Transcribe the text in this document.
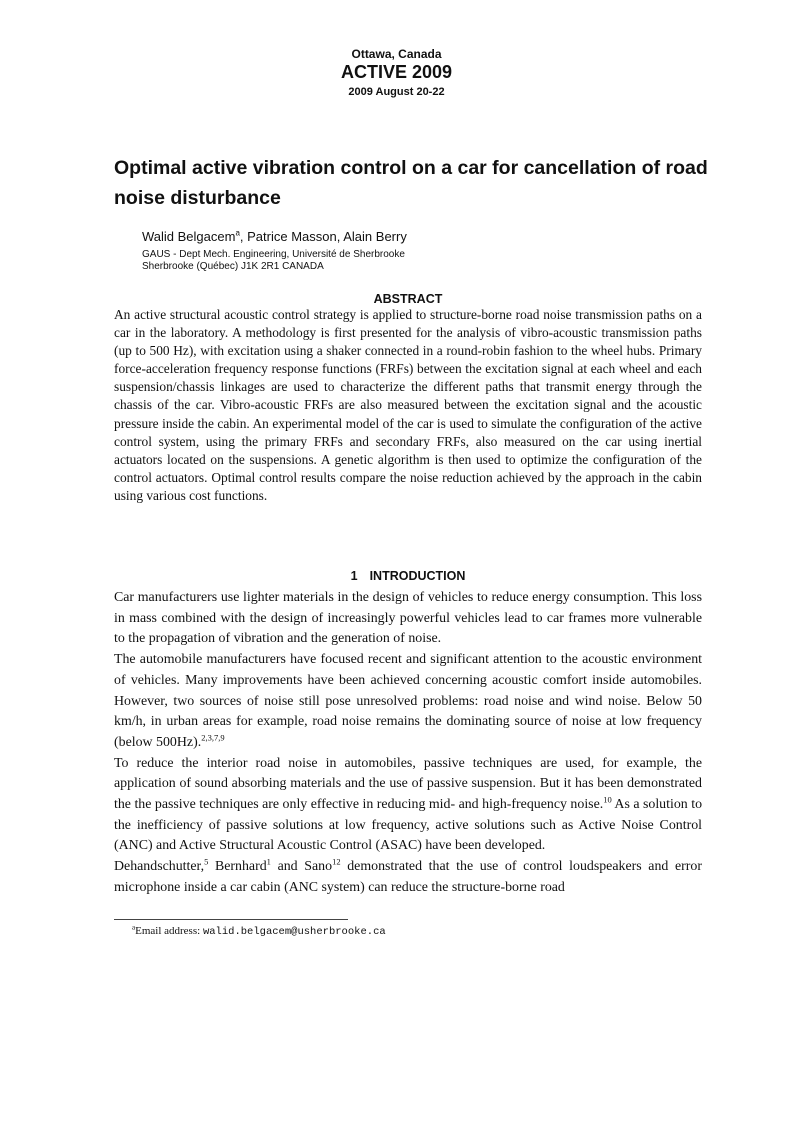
Ottawa, Canada
ACTIVE 2009
2009 August 20-22
Optimal active vibration control on a car for cancellation of road noise disturbance
Walid Belgacem$^a$, Patrice Masson, Alain Berry
GAUS - Dept Mech. Engineering, Université de Sherbrooke
Sherbrooke (Québec) J1K 2R1 CANADA
ABSTRACT
An active structural acoustic control strategy is applied to structure-borne road noise transmission paths on a car in the laboratory. A methodology is first presented for the analysis of vibro-acoustic transmission paths (up to 500 Hz), with excitation using a shaker connected in a round-robin fashion to the wheel hubs. Primary force-acceleration frequency response functions (FRFs) between the excitation signal at each wheel and each suspension/chassis linkages are used to characterize the different paths that transmit energy through the chassis of the car. Vibro-acoustic FRFs are also measured between the excitation signal and the acoustic pressure inside the cabin. An experimental model of the car is used to simulate the configuration of the active control system, using the primary FRFs and secondary FRFs, also measured on the car using inertial actuators located on the suspensions. A genetic algorithm is then used to optimize the configuration of the control actuators. Optimal control results compare the noise reduction achieved by the approach in the cabin using various cost functions.
1 INTRODUCTION

Car manufacturers use lighter materials in the design of vehicles to reduce energy consumption. This loss in mass combined with the design of increasingly powerful vehicles lead to car frames more vulnerable to the propagation of vibration and the generation of noise.

The automobile manufacturers have focused recent and significant attention to the acoustic environment of vehicles. Many improvements have been achieved concerning acoustic comfort inside automobiles. However, two sources of noise still pose unresolved problems: road noise and wind noise. Below 50 km/h, in urban areas for example, road noise remains the dominating source of noise at low frequency (below 500Hz).$^{2,3,7,9}$

To reduce the interior road noise in automobiles, passive techniques are used, for example, the application of sound absorbing materials and the use of passive suspension. But it has been demonstrated the the passive techniques are only effective in reducing mid- and high-frequency noise.$^{10}$ As a solution to the inefficiency of passive solutions at low frequency, active solutions such as Active Noise Control (ANC) and Active Structural Acoustic Control (ASAC) have been developed.

Dehandschutter,$^5$ Bernhard$^1$ and Sano$^{12}$ demonstrated that the use of control loudspeakers and error microphone inside a car cabin (ANC system) can reduce the structure-borne road

$^a$Email address: walid.belgacem@usherbrooke.ca
